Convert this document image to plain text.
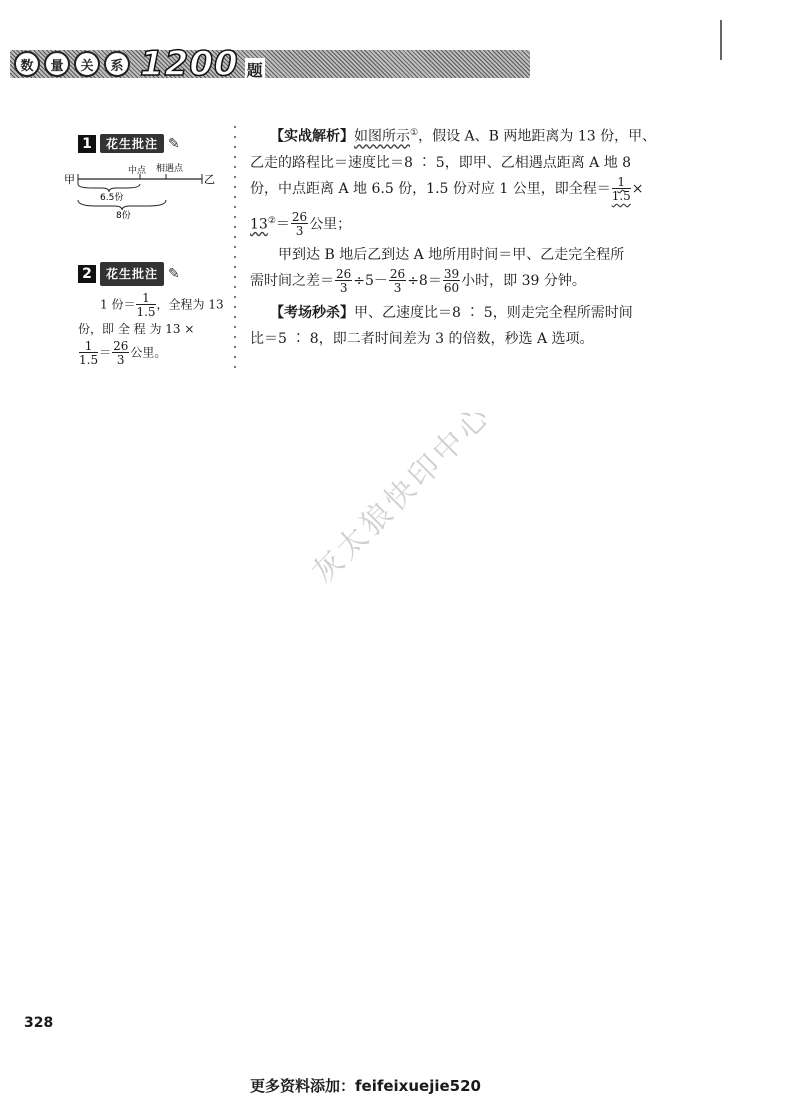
数	量	关	系 1200 题
1	花生批注 ✎
甲	乙
中点 相遇点
6.5份
8份
2	花生批注 ✎
1 份＝ $\frac{1}{1.5}$ ，全程为 13
份，即 全 程 为 13 ×
$\frac{1}{1.5} = \frac{26}{3}$ 公里。
【实战解析】如图所示①，假设 A、B 两地距离为 13 份，甲、
乙走的路程比＝速度比＝8 ∶ 5，即甲、乙相遇点距离 A 地 8
份，中点距离 A 地 6.5 份，1.5 份对应 1 公里，即全程＝ $\frac{1}{1.5}$ ×
$13^②= \frac{26}{3}$ 公里；
甲到达 B 地后乙到达 A 地所用时间＝甲、乙走完全程所
需时间之差＝ $\frac{26}{3} \div 5- \frac{26}{3} \div 8= \frac{39}{60}$ 小时，即 39 分钟。
【考场秒杀】甲、乙速度比＝8 ∶ 5，则走完全程所需时间
比＝5 ∶ 8，即二者时间差为 3 的倍数，秒选 A 选项。
灰太狼快印中心
328
更多资料添加：feifeixuejie520
